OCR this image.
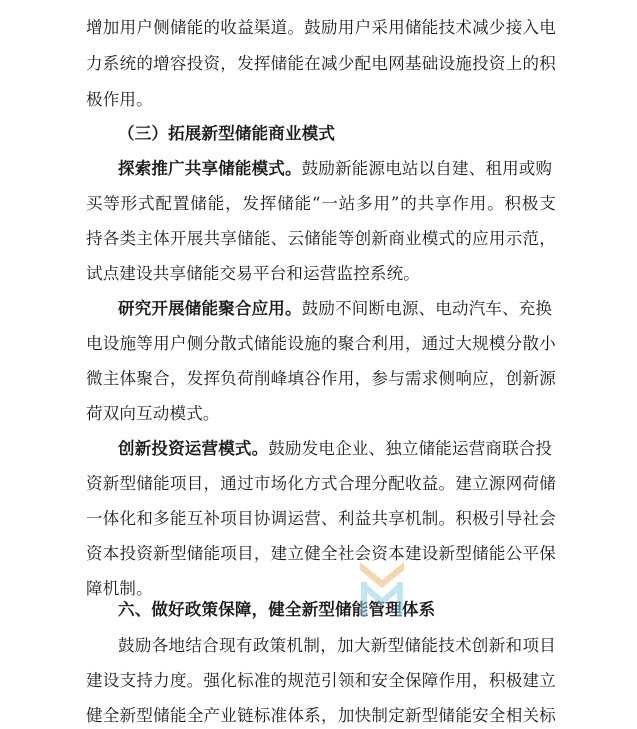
增加用户侧储能的收益渠道。鼓励用户采用储能技术减少接入电
力系统的增容投资，发挥储能在减少配电网基础设施投资上的积
极作用。
（三）拓展新型储能商业模式
探索推广共享储能模式。鼓励新能源电站以自建、租用或购
买等形式配置储能，发挥储能“一站多用”的共享作用。积极支
持各类主体开展共享储能、云储能等创新商业模式的应用示范，
试点建设共享储能交易平台和运营监控系统。
研究开展储能聚合应用。鼓励不间断电源、电动汽车、充换
电设施等用户侧分散式储能设施的聚合利用，通过大规模分散小
微主体聚合，发挥负荷削峰填谷作用，参与需求侧响应，创新源
荷双向互动模式。
创新投资运营模式。鼓励发电企业、独立储能运营商联合投
资新型储能项目，通过市场化方式合理分配收益。建立源网荷储
一体化和多能互补项目协调运营、利益共享机制。积极引导社会
资本投资新型储能项目，建立健全社会资本建设新型储能公平保
障机制。
六、做好政策保障，健全新型储能管理体系
鼓励各地结合现有政策机制，加大新型储能技术创新和项目
建设支持力度。强化标准的规范引领和安全保障作用，积极建立
健全新型储能全产业链标准体系，加快制定新型储能安全相关标
